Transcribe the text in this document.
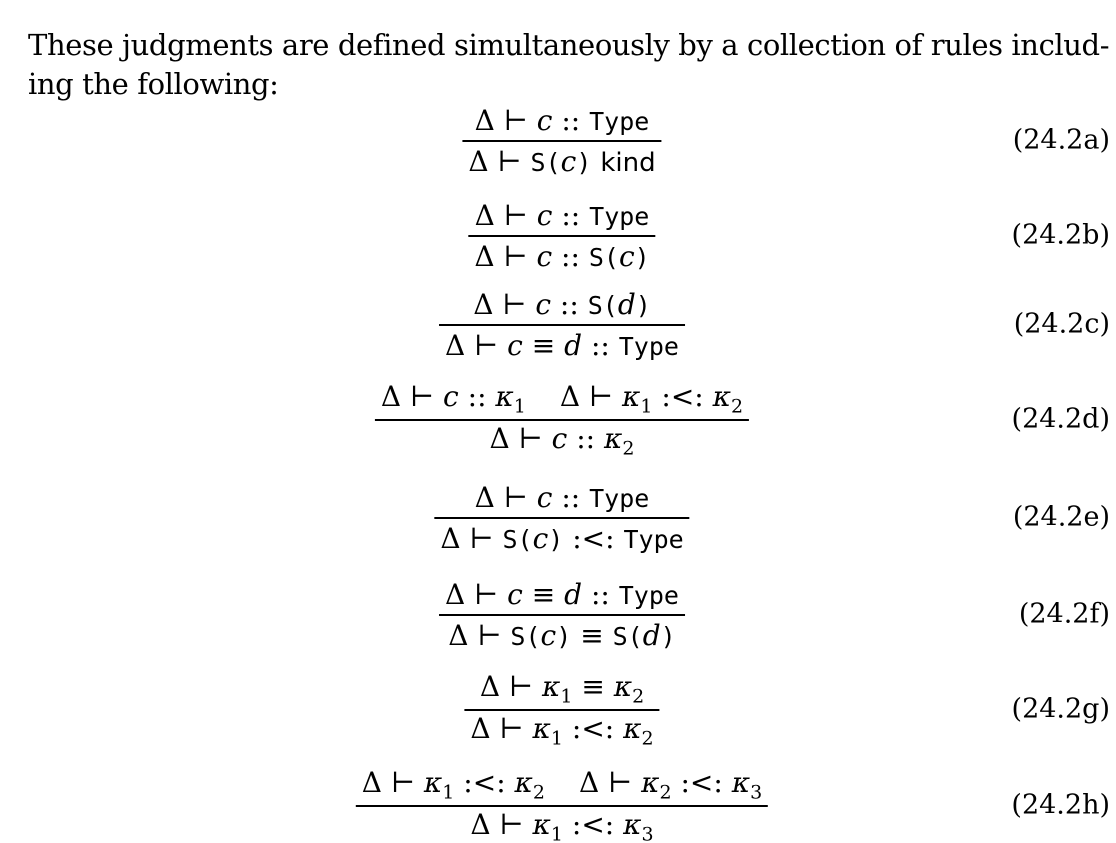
These judgments are defined simultaneously by a collection of rules includ-
ing the following:
Δ ⊢ c :: Type
Δ ⊢ S(c) kind
(24.2a)
Δ ⊢ c :: Type
Δ ⊢ c :: S(c)
(24.2b)
Δ ⊢ c :: S(d)
Δ ⊢ c ≡ d :: Type
(24.2c)
Δ ⊢ c :: $\kappa_1$ Δ ⊢ $\kappa_1$ :<: $\kappa_2$
Δ ⊢ c :: $\kappa_2$
(24.2d)
Δ ⊢ c :: Type
Δ ⊢ S(c) :<: Type
(24.2e)
Δ ⊢ c ≡ d :: Type
Δ ⊢ S(c) ≡ S(d)
(24.2f)
Δ ⊢ $\kappa_1 \equiv \kappa_2$
Δ ⊢ $\kappa_1$ :<: $\kappa_2$
(24.2g)
Δ ⊢ $\kappa_1$ :<: $\kappa_2$ Δ ⊢ $\kappa_2$ :<: $\kappa_3$
Δ ⊢ $\kappa_1$ :<: $\kappa_3$
(24.2h)
